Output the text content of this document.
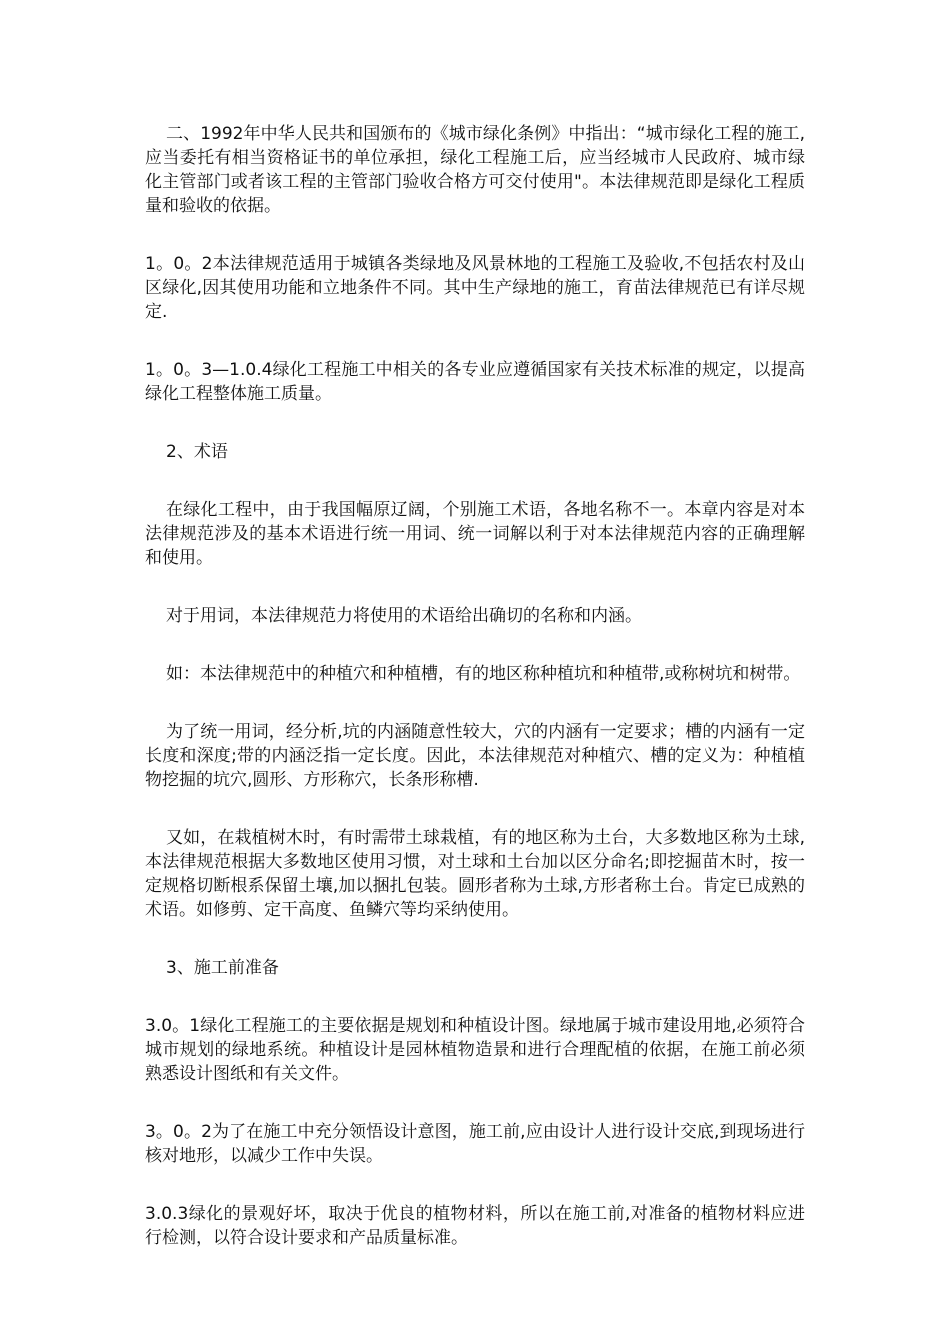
二、1992年中华人民共和国颁布的《城市绿化条例》中指出：“城市绿化工程的施工,应当委托有相当资格证书的单位承担，绿化工程施工后，应当经城市人民政府、城市绿化主管部门或者该工程的主管部门验收合格方可交付使用"。本法律规范即是绿化工程质量和验收的依据。

1。0。2本法律规范适用于城镇各类绿地及风景林地的工程施工及验收,不包括农村及山区绿化,因其使用功能和立地条件不同。其中生产绿地的施工，育苗法律规范已有详尽规定.

1。0。3—1.0.4绿化工程施工中相关的各专业应遵循国家有关技术标准的规定，以提高绿化工程整体施工质量。

2、术语

在绿化工程中，由于我国幅原辽阔，个别施工术语，各地名称不一。本章内容是对本法律规范涉及的基本术语进行统一用词、统一词解以利于对本法律规范内容的正确理解和使用。

对于用词，本法律规范力将使用的术语给出确切的名称和内涵。

如：本法律规范中的种植穴和种植槽，有的地区称种植坑和种植带,或称树坑和树带。

为了统一用词，经分析,坑的内涵随意性较大，穴的内涵有一定要求；槽的内涵有一定长度和深度;带的内涵泛指一定长度。因此，本法律规范对种植穴、槽的定义为：种植植物挖掘的坑穴,圆形、方形称穴，长条形称槽.

又如，在栽植树木时，有时需带土球栽植，有的地区称为土台，大多数地区称为土球,本法律规范根据大多数地区使用习惯，对土球和土台加以区分命名;即挖掘苗木时，按一定规格切断根系保留土壤,加以捆扎包装。圆形者称为土球,方形者称土台。肯定已成熟的术语。如修剪、定干高度、鱼鳞穴等均采纳使用。

3、施工前准备

3.0。1绿化工程施工的主要依据是规划和种植设计图。绿地属于城市建设用地,必须符合城市规划的绿地系统。种植设计是园林植物造景和进行合理配植的依据，在施工前必须熟悉设计图纸和有关文件。

3。0。2为了在施工中充分领悟设计意图，施工前,应由设计人进行设计交底,到现场进行核对地形，以减少工作中失误。

3.0.3绿化的景观好坏，取决于优良的植物材料，所以在施工前,对准备的植物材料应进行检测，以符合设计要求和产品质量标准。
